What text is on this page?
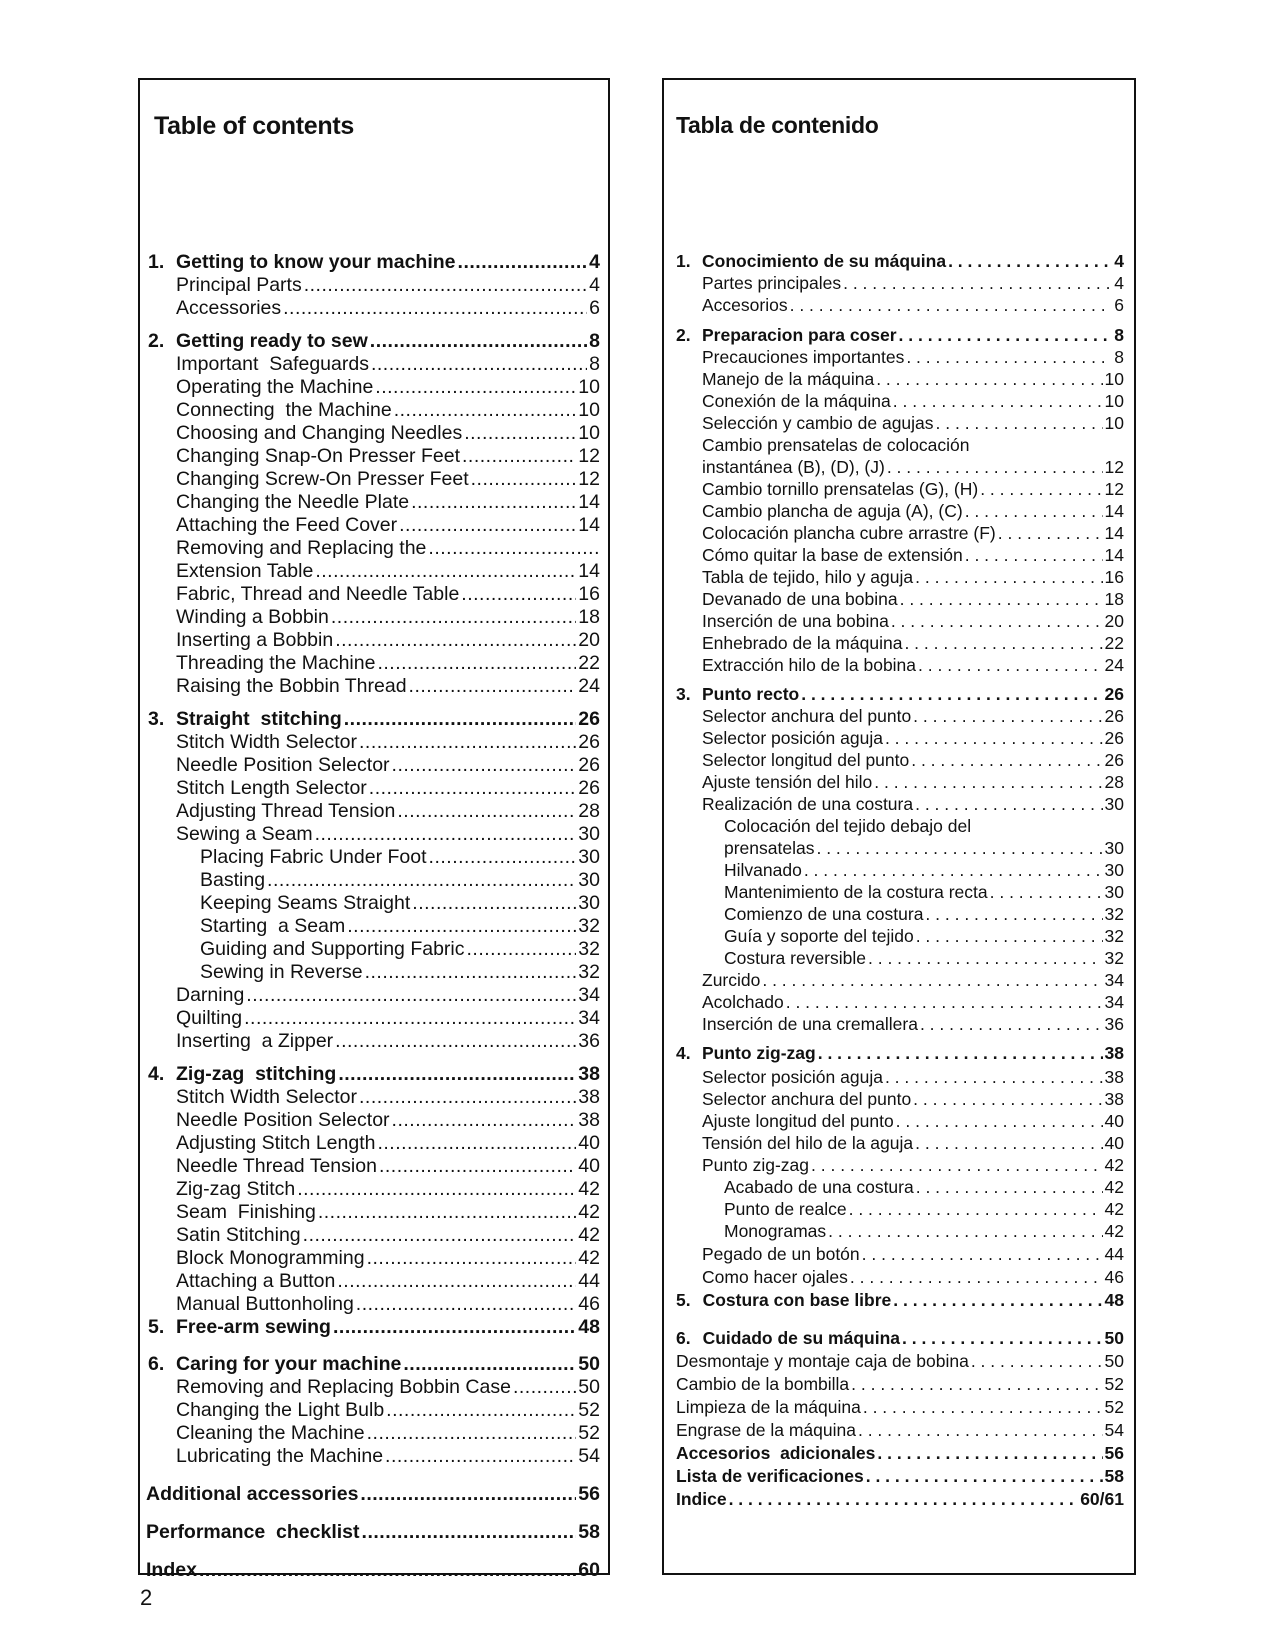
Table of contents
1. Getting to know your machine .....	4
Principal Parts .....	4
Accessories .....	6
2. Getting ready to sew .....	8
Important  Safeguards .....	8
Operating the Machine .....	10
Connecting  the Machine .....	10
Choosing and Changing Needles .....	10
Changing Snap-On Presser Feet .....	12
Changing Screw-On Presser Feet .....	12
Changing the Needle Plate .....	14
Attaching the Feed Cover .....	14
Removing and Replacing the
.....
Extension Table .....	14
Fabric, Thread and Needle Table .....	16
Winding a Bobbin .....	18
Inserting a Bobbin .....	20
Threading the Machine .....	22
Raising the Bobbin Thread .....	24
3. Straight  stitching .....	26
Stitch Width Selector .....	26
Needle Position Selector .....	26
Stitch Length Selector .....	26
Adjusting Thread Tension .....	28
Sewing a Seam .....	30
Placing Fabric Under Foot .....	30
Basting .....	30
Keeping Seams Straight .....	30
Starting  a Seam .....	32
Guiding and Supporting Fabric .....	32
Sewing in Reverse .....	32
Darning .....	34
Quilting .....	34
Inserting  a Zipper .....	36
4. Zig-zag  stitching .....	38
Stitch Width Selector .....	38
Needle Position Selector .....	38
Adjusting Stitch Length .....	40
Needle Thread Tension .....	40
Zig-zag Stitch .....	42
Seam  Finishing .....	42
Satin Stitching .....	42
Block Monogramming .....	42
Attaching a Button .....	44
Manual Buttonholing .....	46
5. Free-arm sewing .....	48
6. Caring for your machine .....	50
Removing and Replacing Bobbin Case .....	50
Changing the Light Bulb .....	52
Cleaning the Machine .....	52
Lubricating the Machine .....	54
Additional accessories .....	56
Performance  checklist .....	58
Index .....	60
Tabla de contenido
1. Conocimiento de su máquina . . .	4
Partes principales . . .	4
Accesorios . . .	6
2. Preparacion para coser . . .	8
Precauciones importantes . . .	8
Manejo de la máquina . . .	10
Conexión de la máquina . . .	10
Selección y cambio de agujas . . .	10
Cambio prensatelas de colocación
instantánea (B), (D), (J) . . .	12
Cambio tornillo prensatelas (G), (H) . . .	12
Cambio plancha de aguja (A), (C) . . .	14
Colocación plancha cubre arrastre (F) . . .	14
Cómo quitar la base de extensión . . .	14
Tabla de tejido, hilo y aguja . . .	16
Devanado de una bobina . . .	18
Inserción de una bobina . . .	20
Enhebrado de la máquina . . .	22
Extracción hilo de la bobina . . .	24
3. Punto recto . . .	26
Selector anchura del punto . . .	26
Selector posición aguja . . .	26
Selector longitud del punto . . .	26
Ajuste tensión del hilo . . .	28
Realización de una costura . . .	30
Colocación del tejido debajo del
prensatelas . . .	30
Hilvanado . . .	30
Mantenimiento de la costura recta . . .	30
Comienzo de una costura . . .	32
Guía y soporte del tejido . . .	32
Costura reversible . . .	32
Zurcido . . .	34
Acolchado . . .	34
Inserción de una cremallera . . .	36
4. Punto zig-zag . . .	38
Selector posición aguja . . .	38
Selector anchura del punto . . .	38
Ajuste longitud del punto . . .	40
Tensión del hilo de la aguja . . .	40
Punto zig-zag . . .	42
Acabado de una costura . . .	42
Punto de realce . . .	42
Monogramas . . .	42
Pegado de un botón . . .	44
Como hacer ojales . . .	46
5. Costura con base libre . . .	48
6. Cuidado de su máquina . . .	50
Desmontaje y montaje caja de bobina . . .	50
Cambio de la bombilla . . .	52
Limpieza de la máquina . . .	52
Engrase de la máquina . . .	54
Accesorios  adicionales . . .	56
Lista de verificaciones . . .	58
Indice . . .	60/61
2
